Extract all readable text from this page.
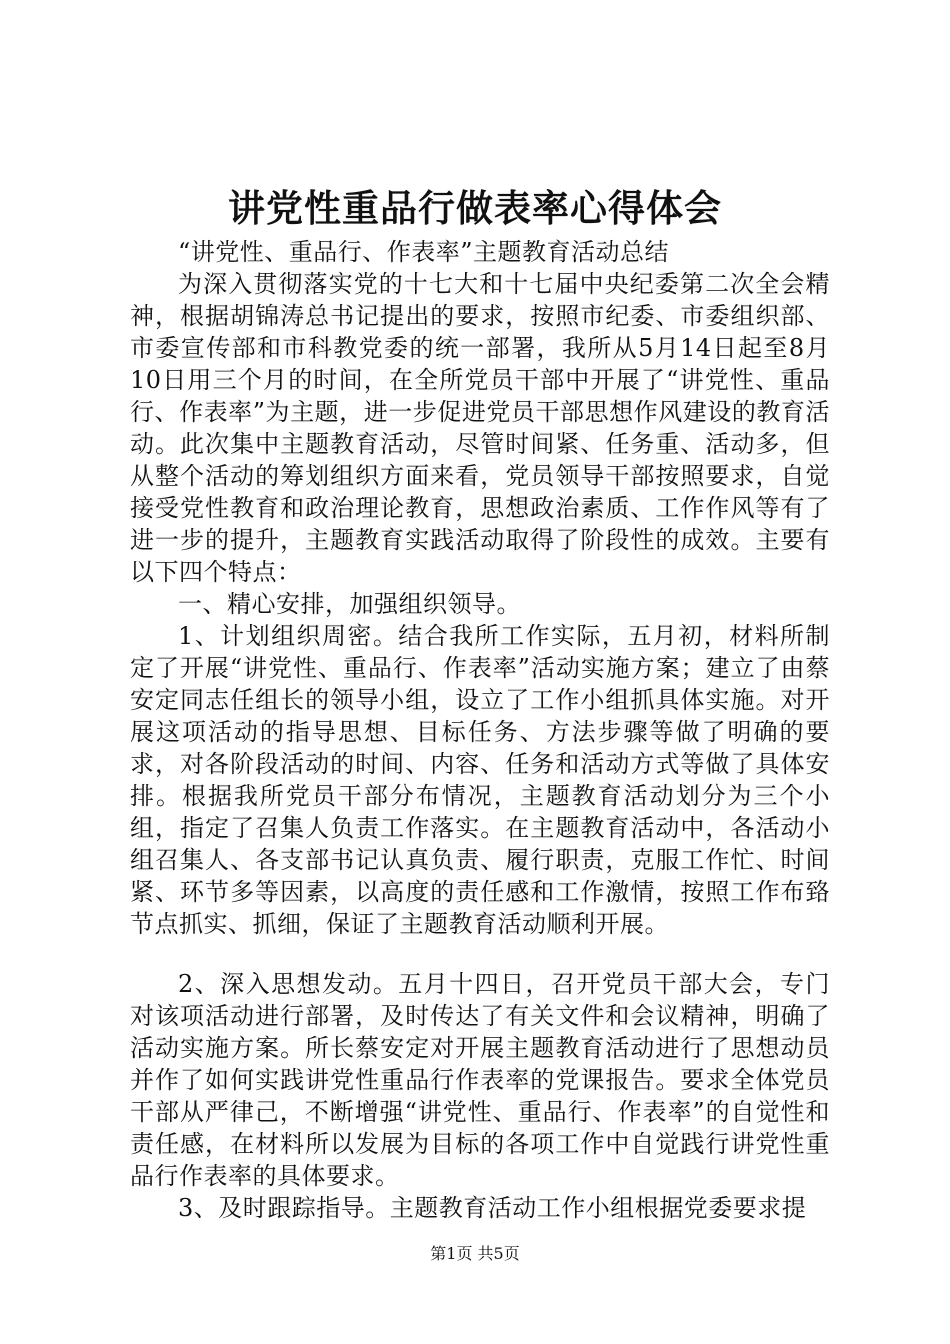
讲党性重品行做表率心得体会

“讲党性、重品行、作表率”主题教育活动总结

为深入贯彻落实党的十七大和十七届中央纪委第二次全会精神，根据胡锦涛总书记提出的要求，按照市纪委、市委组织部、市委宣传部和市科教党委的统一部署，我所从5月14日起至8月10日用三个月的时间，在全所党员干部中开展了“讲党性、重品行、作表率”为主题，进一步促进党员干部思想作风建设的教育活动。此次集中主题教育活动，尽管时间紧、任务重、活动多，但从整个活动的筹划组织方面来看，党员领导干部按照要求，自觉接受党性教育和政治理论教育，思想政治素质、工作作风等有了进一步的提升，主题教育实践活动取得了阶段性的成效。主要有以下四个特点：

一、精心安排，加强组织领导。

1、计划组织周密。结合我所工作实际，五月初，材料所制定了开展“讲党性、重品行、作表率”活动实施方案；建立了由蔡安定同志任组长的领导小组，设立了工作小组抓具体实施。对开展这项活动的指导思想、目标任务、方法步骤等做了明确的要求，对各阶段活动的时间、内容、任务和活动方式等做了具体安排。根据我所党员干部分布情况，主题教育活动划分为三个小组，指定了召集人负责工作落实。在主题教育活动中，各活动小组召集人、各支部书记认真负责、履行职责，克服工作忙、时间紧、环节多等因素，以高度的责任感和工作激情，按照工作布臵节点抓实、抓细，保证了主题教育活动顺利开展。

2、深入思想发动。五月十四日，召开党员干部大会，专门对该项活动进行部署，及时传达了有关文件和会议精神，明确了活动实施方案。所长蔡安定对开展主题教育活动进行了思想动员并作了如何实践讲党性重品行作表率的党课报告。要求全体党员干部从严律己，不断增强“讲党性、重品行、作表率”的自觉性和责任感，在材料所以发展为目标的各项工作中自觉践行讲党性重品行作表率的具体要求。

3、及时跟踪指导。主题教育活动工作小组根据党委要求提

第1页 共5页
